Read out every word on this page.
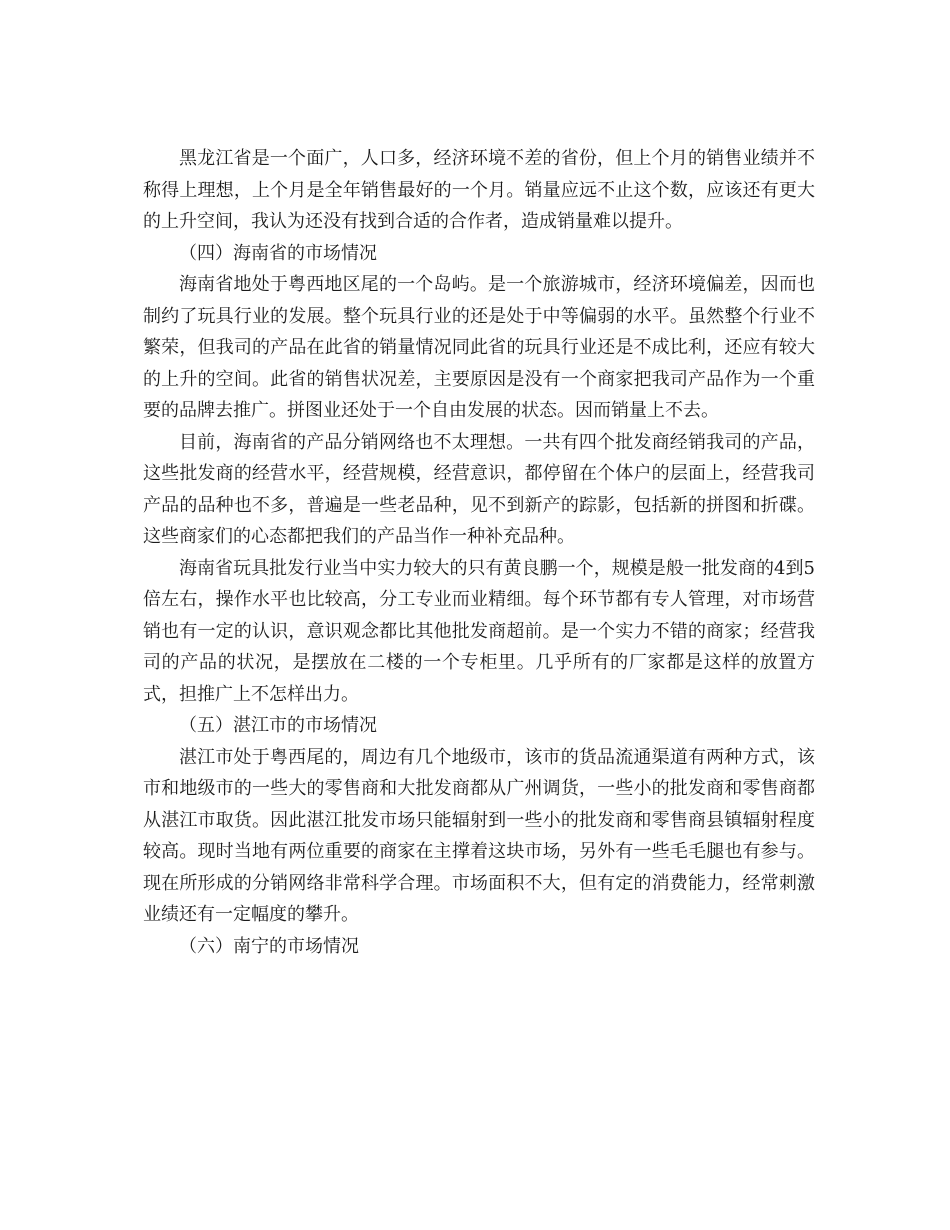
黑龙江省是一个面广，人口多，经济环境不差的省份，但上个月的销售业绩并不称得上理想，上个月是全年销售最好的一个月。销量应远不止这个数，应该还有更大的上升空间，我认为还没有找到合适的合作者，造成销量难以提升。

（四）海南省的市场情况

海南省地处于粤西地区尾的一个岛屿。是一个旅游城市，经济环境偏差，因而也制约了玩具行业的发展。整个玩具行业的还是处于中等偏弱的水平。虽然整个行业不繁荣，但我司的产品在此省的销量情况同此省的玩具行业还是不成比利，还应有较大的上升的空间。此省的销售状况差，主要原因是没有一个商家把我司产品作为一个重要的品牌去推广。拼图业还处于一个自由发展的状态。因而销量上不去。

目前，海南省的产品分销网络也不太理想。一共有四个批发商经销我司的产品，这些批发商的经营水平，经营规模，经营意识，都停留在个体户的层面上，经营我司产品的品种也不多，普遍是一些老品种，见不到新产的踪影，包括新的拼图和折碟。这些商家们的心态都把我们的产品当作一种补充品种。

海南省玩具批发行业当中实力较大的只有黄良鹏一个，规模是般一批发商的4到5倍左右，操作水平也比较高，分工专业而业精细。每个环节都有专人管理，对市场营销也有一定的认识，意识观念都比其他批发商超前。是一个实力不错的商家；经营我司的产品的状况，是摆放在二楼的一个专柜里。几乎所有的厂家都是这样的放置方式，担推广上不怎样出力。

（五）湛江市的市场情况

湛江市处于粤西尾的，周边有几个地级市，该市的货品流通渠道有两种方式，该市和地级市的一些大的零售商和大批发商都从广州调货，一些小的批发商和零售商都从湛江市取货。因此湛江批发市场只能辐射到一些小的批发商和零售商县镇辐射程度较高。现时当地有两位重要的商家在主撑着这块市场，另外有一些毛毛腿也有参与。现在所形成的分销网络非常科学合理。市场面积不大，但有定的消费能力，经常刺激业绩还有一定幅度的攀升。

（六）南宁的市场情况
